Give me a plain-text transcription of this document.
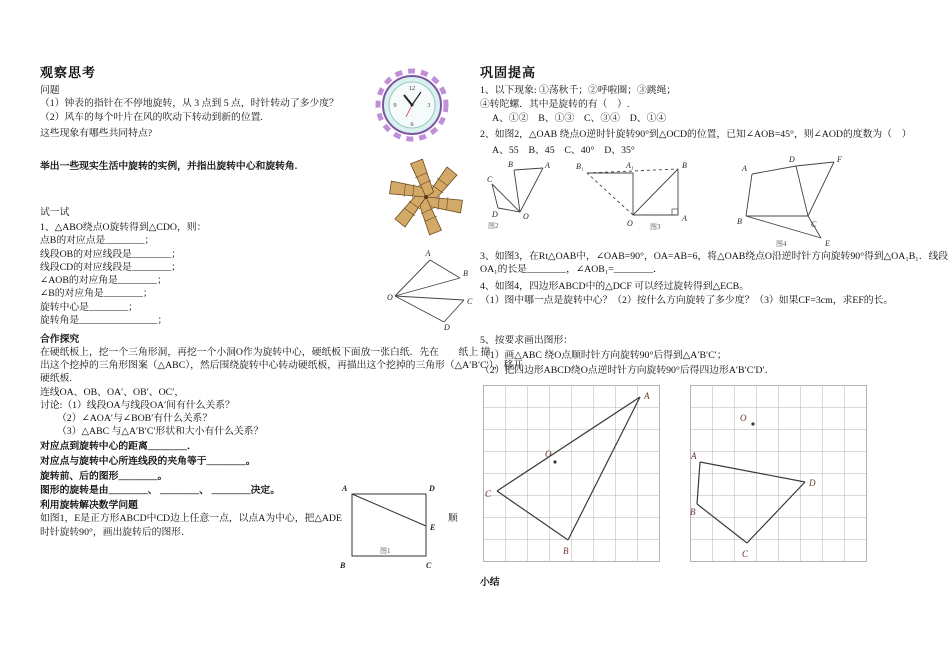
观察思考
问题
（1）钟表的指针在不停地旋转，从 3 点到 5 点，时针转动了多少度？
（2）风车的每个叶片在风的吹动下转动到新的位置.
这些现象有哪些共同特点?
12
3
6
9
举出一些现实生活中旋转的实例，并指出旋转中心和旋转角.
试一试
1、△ABO绕点O旋转得到△CDO，则：
点B的对应点是________；
线段OB的对应线段是________；
线段CD的对应线段是________；
∠AOB的对应角是________；
∠B的对应角是________；
旋转中心是________；
旋转角是________________；
A
O
B
C
D
合作探究
在硬纸板上，挖一个三角形洞，再挖一个小洞O作为旋转中心，硬纸板下面放一张白纸．先在　　纸上 描
出这个挖掉的三角形图案（△ABC），然后围绕旋转中心转动硬纸板，再描出这个挖掉的三角形（△A′B′C′），移开
硬纸板.
连线OA、OB、OA′、OB′、OC′，
讨论:（1）线段OA与线段OA′间有什么关系？
（2）∠AOA′与∠BOB′有什么关系？
（3）△ABC 与△A′B′C′形状和大小有什么关系？
对应点到旋转中心的距离________．
对应点与旋转中心所连线段的夹角等于________。
旋转前、后的图形________。
图形的旋转是由________、 ________、 ________决定。
利用旋转解决数学问题
如图1，E是正方形ABCD中CD边上任意一点，以点A为中心，把△ADE	顺
时针旋转90°，画出旋转后的图形．
A	D
B	C
E
图1
巩固提高
1、以下现象: ①荡秋千；②呼啦圈；③跳绳；
④转陀螺．其中是旋转的有（　）.
A、①②　B、①③　C、③④　D、①④
2、如图2，△OAB 绕点O逆时针旋转90°到△OCD的位置，已知∠AOB=45°，则∠AOD的度数为（　）
A、55　B、45　C、40°　D、35°
A
B
C
D	O
图2
B₁	A₁	B
A
O 图3
A
B	C
D
E
F
图4
3、如图3，在Rt△OAB中，∠OAB=90°，OA=AB=6，将△OAB绕点O沿逆时针方向旋转90°得到△OA₁B₁．线段
OA₁的长是________，∠AOB₁=________．
4、如图4，四边形ABCD中的△DCF 可以经过旋转得到△ECB。
（1）图中哪一点是旋转中心？（2）按什么方向旋转了多少度？（3）如果CF=3cm，求EF的长。
5、按要求画出图形：
（1）画△ABC 绕O点顺时针方向旋转90°后得到△A′B′C′；
（2）把四边形ABCD绕O点逆时针方向旋转90°后得四边形A′B′C′D′．
A
O
C
B
O
A
B
C
D
小结
